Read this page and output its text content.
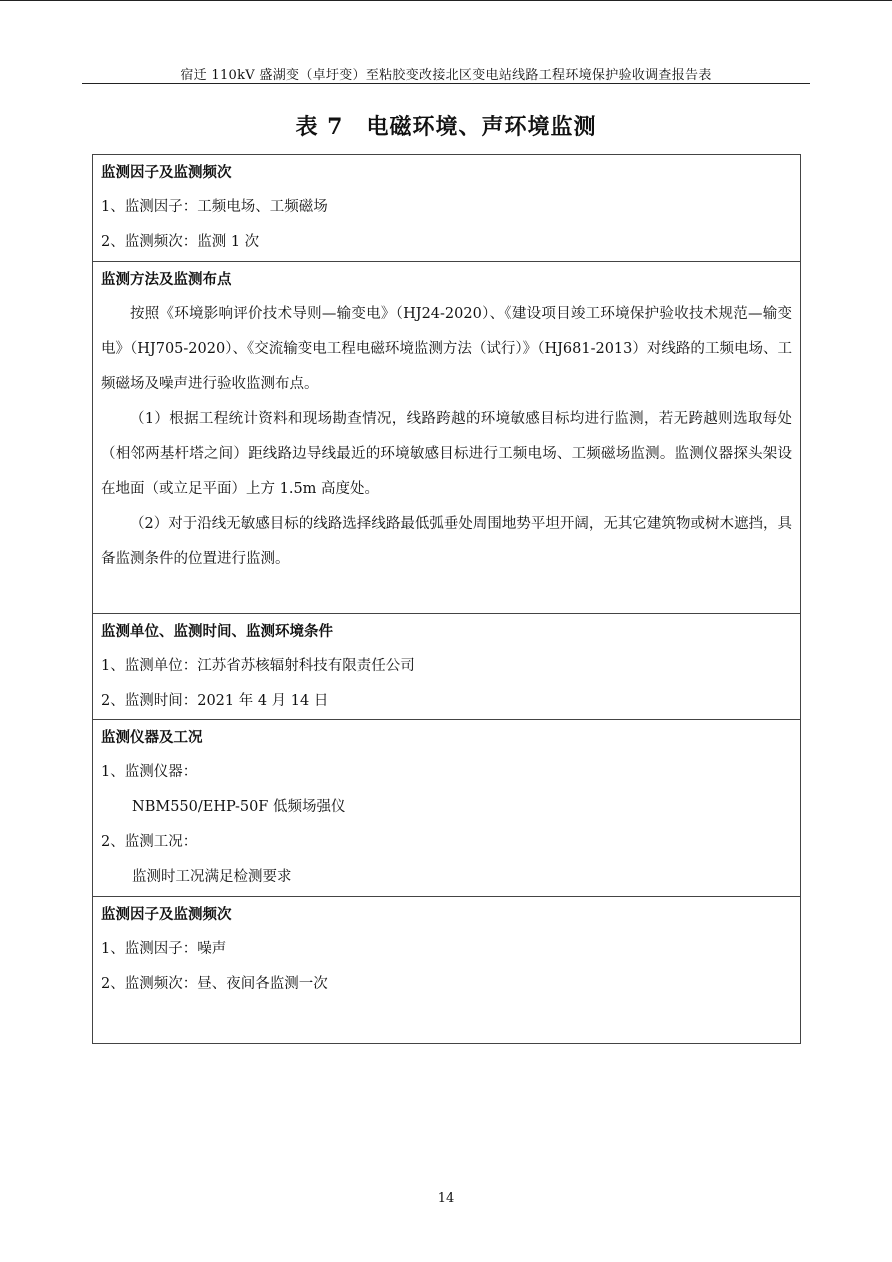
宿迁 110kV 盛湖变（卓圩变）至粘胶变改接北区变电站线路工程环境保护验收调查报告表
表 7　电磁环境、声环境监测
监测因子及监测频次
1、监测因子：工频电场、工频磁场
2、监测频次：监测 1 次
监测方法及监测布点

按照《环境影响评价技术导则—输变电》（HJ24-2020）、《建设项目竣工环境保护验收技术规范—输变电》（HJ705-2020）、《交流输变电工程电磁环境监测方法（试行）》（HJ681-2013）对线路的工频电场、工频磁场及噪声进行验收监测布点。

（1）根据工程统计资料和现场勘查情况，线路跨越的环境敏感目标均进行监测，若无跨越则选取每处（相邻两基杆塔之间）距线路边导线最近的环境敏感目标进行工频电场、工频磁场监测。监测仪器探头架设在地面（或立足平面）上方 1.5m 高度处。

（2）对于沿线无敏感目标的线路选择线路最低弧垂处周围地势平坦开阔，无其它建筑物或树木遮挡，具备监测条件的位置进行监测。

监测单位、监测时间、监测环境条件
1、监测单位：江苏省苏核辐射科技有限责任公司
2、监测时间：2021 年 4 月 14 日
监测仪器及工况
1、监测仪器：
NBM550/EHP-50F 低频场强仪
2、监测工况：
监测时工况满足检测要求
监测因子及监测频次
1、监测因子：噪声
2、监测频次：昼、夜间各监测一次
14
